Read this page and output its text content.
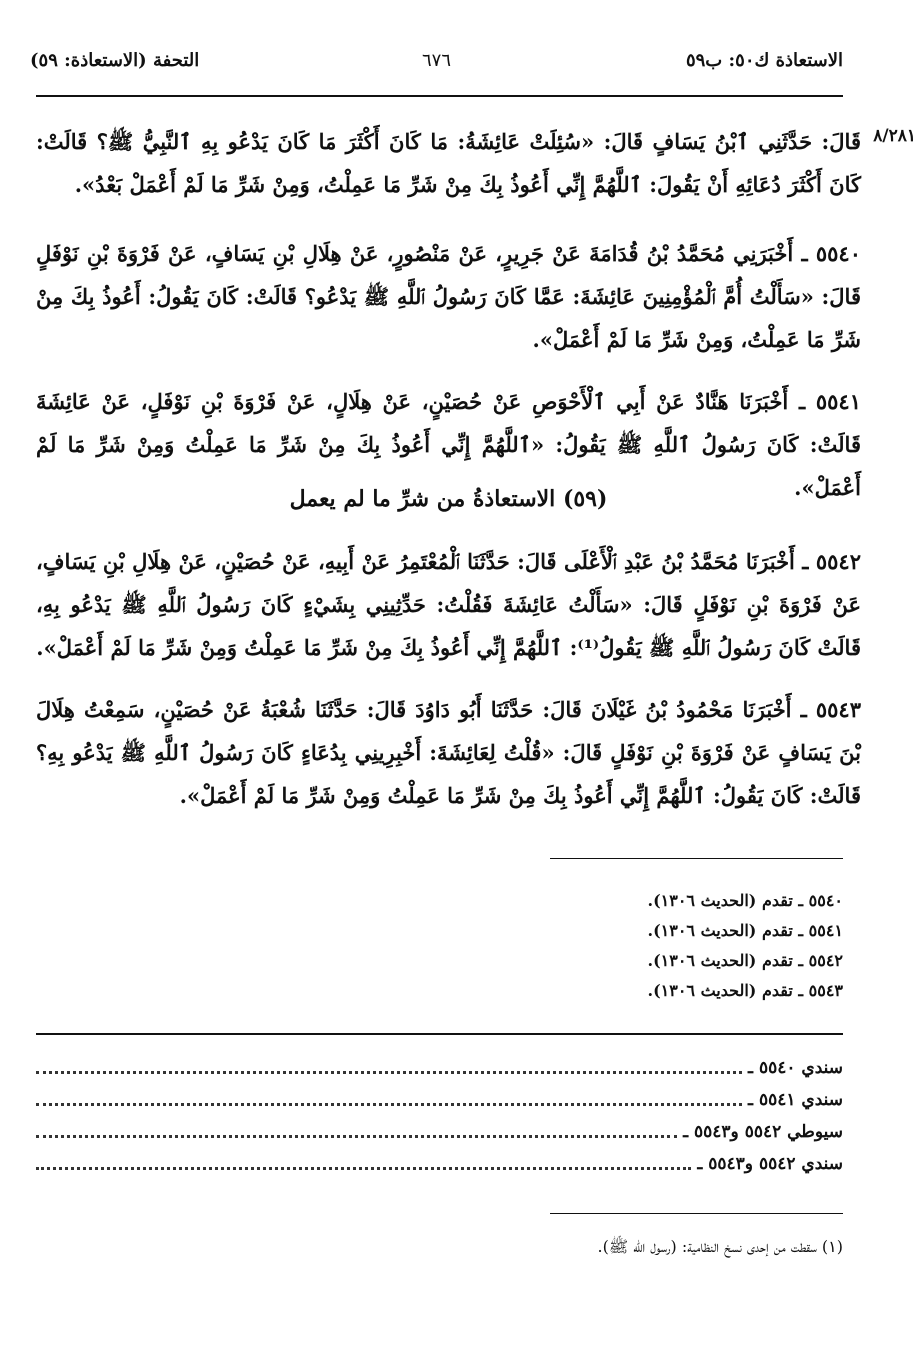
الاستعاذة ك٥٠: ب٥٩
٦٧٦
التحفة (الاستعاذة: ٥٩)
٨/٢٨١
قَالَ: حَدَّثَنِي ٱبْنُ يَسَافٍ قَالَ: «سُئِلَتْ عَائِشَةُ: مَا كَانَ أَكْثَرَ مَا كَانَ يَدْعُو بِهِ ٱلنَّبِيُّ ﷺ؟ قَالَتْ: كَانَ أَكْثَرَ دُعَائِهِ أَنْ يَقُولَ: ٱللَّهُمَّ إِنِّي أَعُوذُ بِكَ مِنْ شَرِّ مَا عَمِلْتُ، وَمِنْ شَرِّ مَا لَمْ أَعْمَلْ بَعْدُ».
٥٥٤٠ ـ أَخْبَرَنِي مُحَمَّدُ بْنُ قُدَامَةَ عَنْ جَرِيرٍ، عَنْ مَنْصُورٍ، عَنْ هِلَالِ بْنِ يَسَافٍ، عَنْ فَرْوَةَ بْنِ نَوْفَلٍ قَالَ: «سَأَلْتُ أُمَّ ٱلْمُؤْمِنِينَ عَائِشَةَ: عَمَّا كَانَ رَسُولُ ٱللَّهِ ﷺ يَدْعُو؟ قَالَتْ: كَانَ يَقُولُ: أَعُوذُ بِكَ مِنْ شَرِّ مَا عَمِلْتُ، وَمِنْ شَرِّ مَا لَمْ أَعْمَلْ».
٥٥٤١ ـ أَخْبَرَنَا هَنَّادٌ عَنْ أَبِي ٱلْأَحْوَصِ عَنْ حُصَيْنٍ، عَنْ هِلَالٍ، عَنْ فَرْوَةَ بْنِ نَوْفَلٍ، عَنْ عَائِشَةَ قَالَتْ: كَانَ رَسُولُ ٱللَّهِ ﷺ يَقُولُ: «ٱللَّهُمَّ إِنِّي أَعُوذُ بِكَ مِنْ شَرِّ مَا عَمِلْتُ وَمِنْ شَرِّ مَا لَمْ أَعْمَلْ».
(٥٩) الاستعاذةُ من شرِّ ما لم يعمل
٥٥٤٢ ـ أَخْبَرَنَا مُحَمَّدُ بْنُ عَبْدِ ٱلْأَعْلَى قَالَ: حَدَّثَنَا ٱلْمُعْتَمِرُ عَنْ أَبِيهِ، عَنْ حُصَيْنٍ، عَنْ هِلَالِ بْنِ يَسَافٍ، عَنْ فَرْوَةَ بْنِ نَوْفَلٍ قَالَ: «سَأَلْتُ عَائِشَةَ فَقُلْتُ: حَدِّثِينِي بِشَيْءٍ كَانَ رَسُولُ ٱللَّهِ ﷺ يَدْعُو بِهِ، قَالَتْ كَانَ رَسُولُ ٱللَّهِ ﷺ يَقُولُ⁽¹⁾: ٱللَّهُمَّ إِنِّي أَعُوذُ بِكَ مِنْ شَرِّ مَا عَمِلْتُ وَمِنْ شَرِّ مَا لَمْ أَعْمَلْ».
٥٥٤٣ ـ أَخْبَرَنَا مَحْمُودُ بْنُ غَيْلَانَ قَالَ: حَدَّثَنَا أَبُو دَاوُدَ قَالَ: حَدَّثَنَا شُعْبَةُ عَنْ حُصَيْنٍ، سَمِعْتُ هِلَالَ بْنَ يَسَافٍ عَنْ فَرْوَةَ بْنِ نَوْفَلٍ قَالَ: «قُلْتُ لِعَائِشَةَ: أَخْبِرِينِي بِدُعَاءٍ كَانَ رَسُولُ ٱللَّهِ ﷺ يَدْعُو بِهِ؟ قَالَتْ: كَانَ يَقُولُ: ٱللَّهُمَّ إِنِّي أَعُوذُ بِكَ مِنْ شَرِّ مَا عَمِلْتُ وَمِنْ شَرِّ مَا لَمْ أَعْمَلْ».
٥٥٤٠ ـ تقدم (الحديث ١٣٠٦).
٥٥٤١ ـ تقدم (الحديث ١٣٠٦).
٥٥٤٢ ـ تقدم (الحديث ١٣٠٦).
٥٥٤٣ ـ تقدم (الحديث ١٣٠٦).
سندي ٥٥٤٠ ـ
سندي ٥٥٤١ ـ
سيوطي ٥٥٤٢ و٥٥٤٣ ـ
سندي ٥٥٤٢ و٥٥٤٣ ـ
(١) سقطت من إحدى نسخ النظامية: (رسول الله ﷺ).
